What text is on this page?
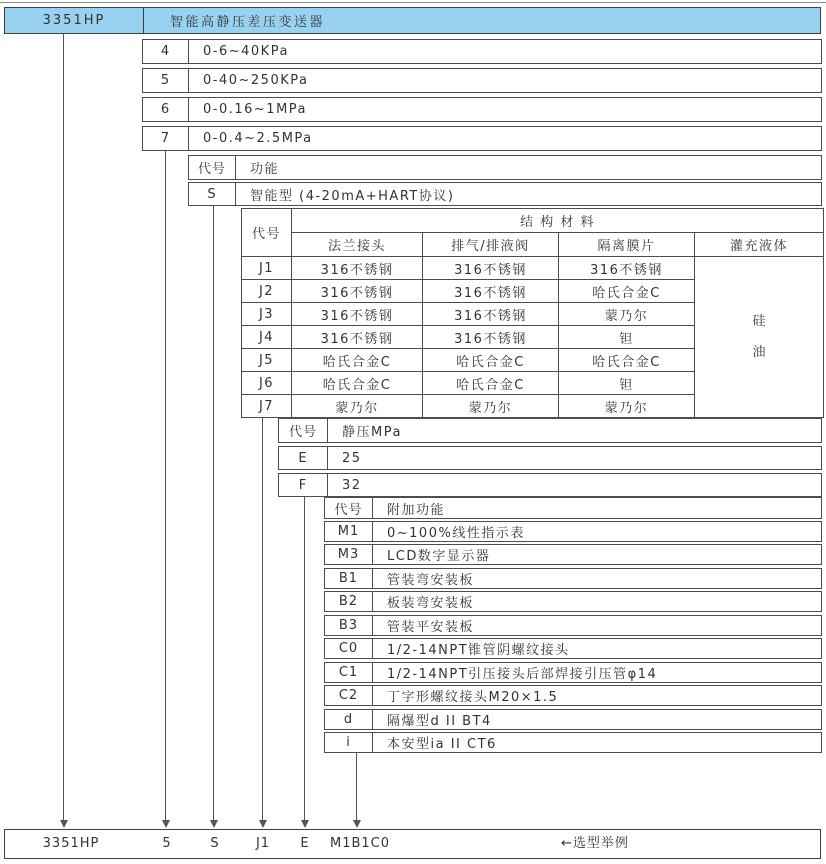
3351HP	智能高静压差压变送器
4	0-6~40KPa
5	0-40~250KPa
6	0-0.16~1MPa
7	0-0.4~2.5MPa
代号	功能
S	智能型 (4-20mA+HART协议)
代号	结 构 材 料			
	法兰接头	排气/排液阀	隔离膜片	灌充液体
J1	316不锈钢	316不锈钢	316不锈钢	硅油

J2	316不锈钢	316不锈钢	哈氏合金C	
J3	316不锈钢	316不锈钢	蒙乃尔	
J4	316不锈钢	316不锈钢	钽	
J5	哈氏合金C	哈氏合金C	哈氏合金C	
J6	哈氏合金C	哈氏合金C	钽	
J7	蒙乃尔	蒙乃尔	蒙乃尔	
代号	静压MPa
E	25
F	32
代号	附加功能
M1	0~100%线性指示表
M3	LCD数字显示器
B1	管装弯安装板
B2	板装弯安装板
B3	管装平安装板
C0	1/2-14NPT锥管阴螺纹接头
C1	1/2-14NPT引压接头后部焊接引压管φ14
C2	丁字形螺纹接头M20×1.5
d	隔爆型d II BT4
i	本安型ia II CT6
3351HP	5	S	J1 E M1B1C0	←选型举例
